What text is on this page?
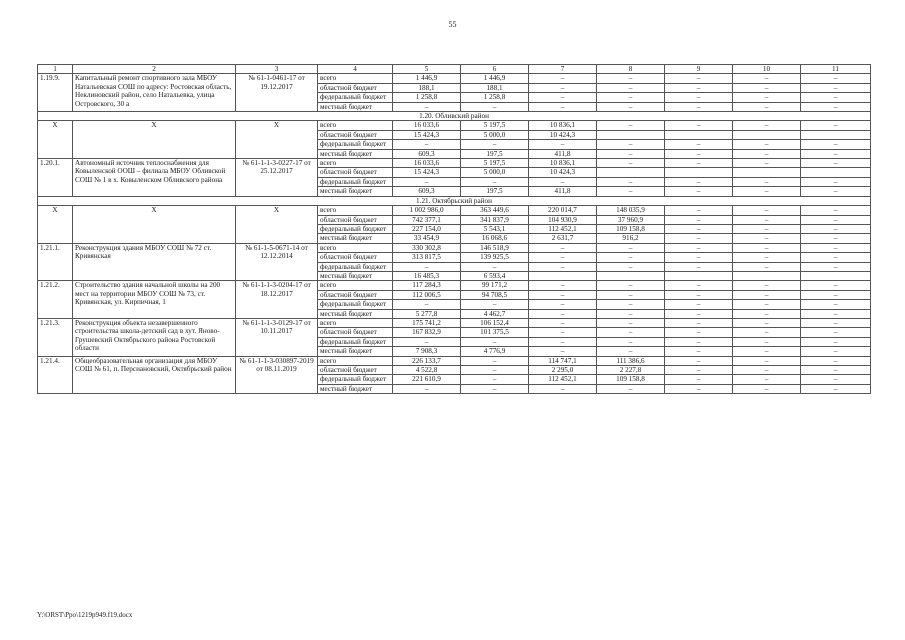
55
1	2	3	4	5	6	7	8	9	10	11
1.19.9.	Капитальный ремонт спортивного зала МБОУ Натальевская СОШ по адресу: Ростовская область, Неклиновский район, село Натальевка, улица Островского, 30 а	№ 61-1-0461-17 от 19.12.2017	всего	1 446,9	1 446,9	–	–	–	–	–
			областной бюджет	188,1	188,1	–	–	–	–	–
			федеральный бюджет	1 258,8	1 258,8	–	–	–	–	–
			местный бюджет	–	–	–	–	–	–	–
1.20. Обливский район										
X	X	X	всего	16 033,6	5 197,5	10 836,1	–	–	–	–
			областной бюджет	15 424,3	5 000,0	10 424,3				
			федеральный бюджет	–	–	–	–	–	–	–
			местный бюджет	609,3	197,5	411,8	–	–	–	–
1.20.1.	Автономный источник теплоснабжения для Ковыленской ООШ – филиала МБОУ Обливской СОШ № 1 в х. Ковыленском Обливского района	№ 61-1-1-3-0227-17 от 25.12.2017	всего	16 033,6	5 197,5	10 836,1	–	–	–	–
			областной бюджет	15 424,3	5 000,0	10 424,3				
			федеральный бюджет	–	–	–	–	–	–	–
			местный бюджет	609,3	197,5	411,8	–	–	–	–
1.21. Октябрьский район										
X	X	X	всего	1 002 986,0	363 449,6	220 014,7	148 035,9	–	–	–
			областной бюджет	742 377,1	341 837,9	104 930,9	37 960,9	–	–	–
			федеральный бюджет	227 154,0	5 543,1	112 452,1	109 158,8	–	–	–
			местный бюджет	33 454,9	16 068,6	2 631,7	916,2	–	–	–
1.21.1.	Реконструкция здания МБОУ СОШ № 72 ст. Кривянская	№ 61-1-5-0671-14 от 12.12.2014	всего	330 302,8	146 518,9	–	–	–	–	–
			областной бюджет	313 817,5	139 925,5	–	–	–	–	–
			федеральный бюджет	–	–	–	–	–	–	–
			местный бюджет	16 485,3	6 593,4					
1.21.2.	Строительство здания начальной школы на 200 мест на территории МБОУ СОШ № 73, ст. Кривянская, ул. Кирпичная, 1	№ 61-1-1-3-0204-17 от 18.12.2017	всего	117 284,3	99 171,2	–	–	–	–	–
			областной бюджет	112 006,5	94 708,5	–	–	–	–	–
			федеральный бюджет	–	–	–	–	–	–	–
			местный бюджет	5 277,8	4 462,7	–	–	–	–	–
1.21.3.	Реконструкция объекта незавершенного строительства школа-детский сад в хут. Яново-Грушевский Октябрьского района Ростовской области	№ 61-1-1-3-0129-17 от 10.11.2017	всего	175 741,2	106 152,4	–	–	–	–	–
			областной бюджет	167 832,9	101 375,5	–	–	–	–	–
			федеральный бюджет	–	–	–	–	–	–	–
			местный бюджет	7 908,3	4 776,9	–	–	–	–	–
1.21.4.	Общеобразовательная организация для МБОУ СОШ № 61, п. Персиановский, Октябрьский район	№ 61-1-1-3-030897-2019 от 08.11.2019	всего	226 133,7	–	114 747,1	111 386,6	–	–	–
			областной бюджет	4 522,8	–	2 295,0	2 227,8	–	–	–
			федеральный бюджет	221 610,9	–	112 452,1	109 158,8	–	–	–
			местный бюджет	–	–	–	–	–	–	–
Y:\ORST\Ppo\1219p949.f19.docx
